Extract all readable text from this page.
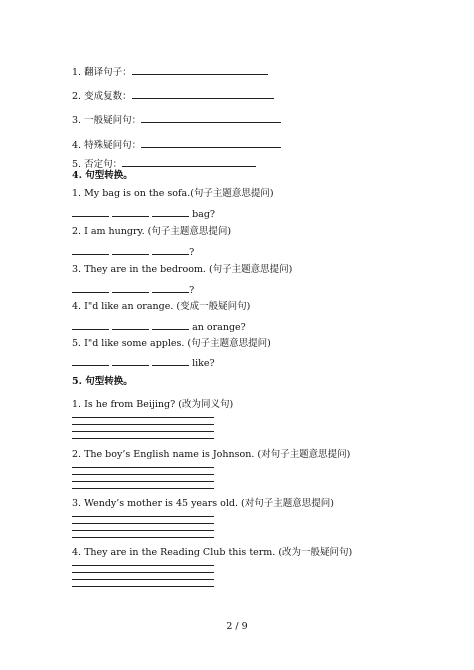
1. 翻译句子：
2. 变成复数：
3. 一般疑问句：
4. 特殊疑问句：
5. 否定句：
4. 句型转换。
1. My bag is on the sofa.(句子主题意思提问)
bag?
2. I am hungry. (句子主题意思提问)
?
3. They are in the bedroom. (句子主题意思提问)
?
4. I"d like an orange. (变成一般疑问句)
an orange?
5. I"d like some apples. (句子主题意思提问)
like?
5. 句型转换。
1. Is he from Beijing? (改为同义句)
2. The boy’s English name is Johnson. (对句子主题意思提问)
3. Wendy’s mother is 45 years old. (对句子主题意思提问)
4. They are in the Reading Club this term. (改为一般疑问句)
2 / 9
